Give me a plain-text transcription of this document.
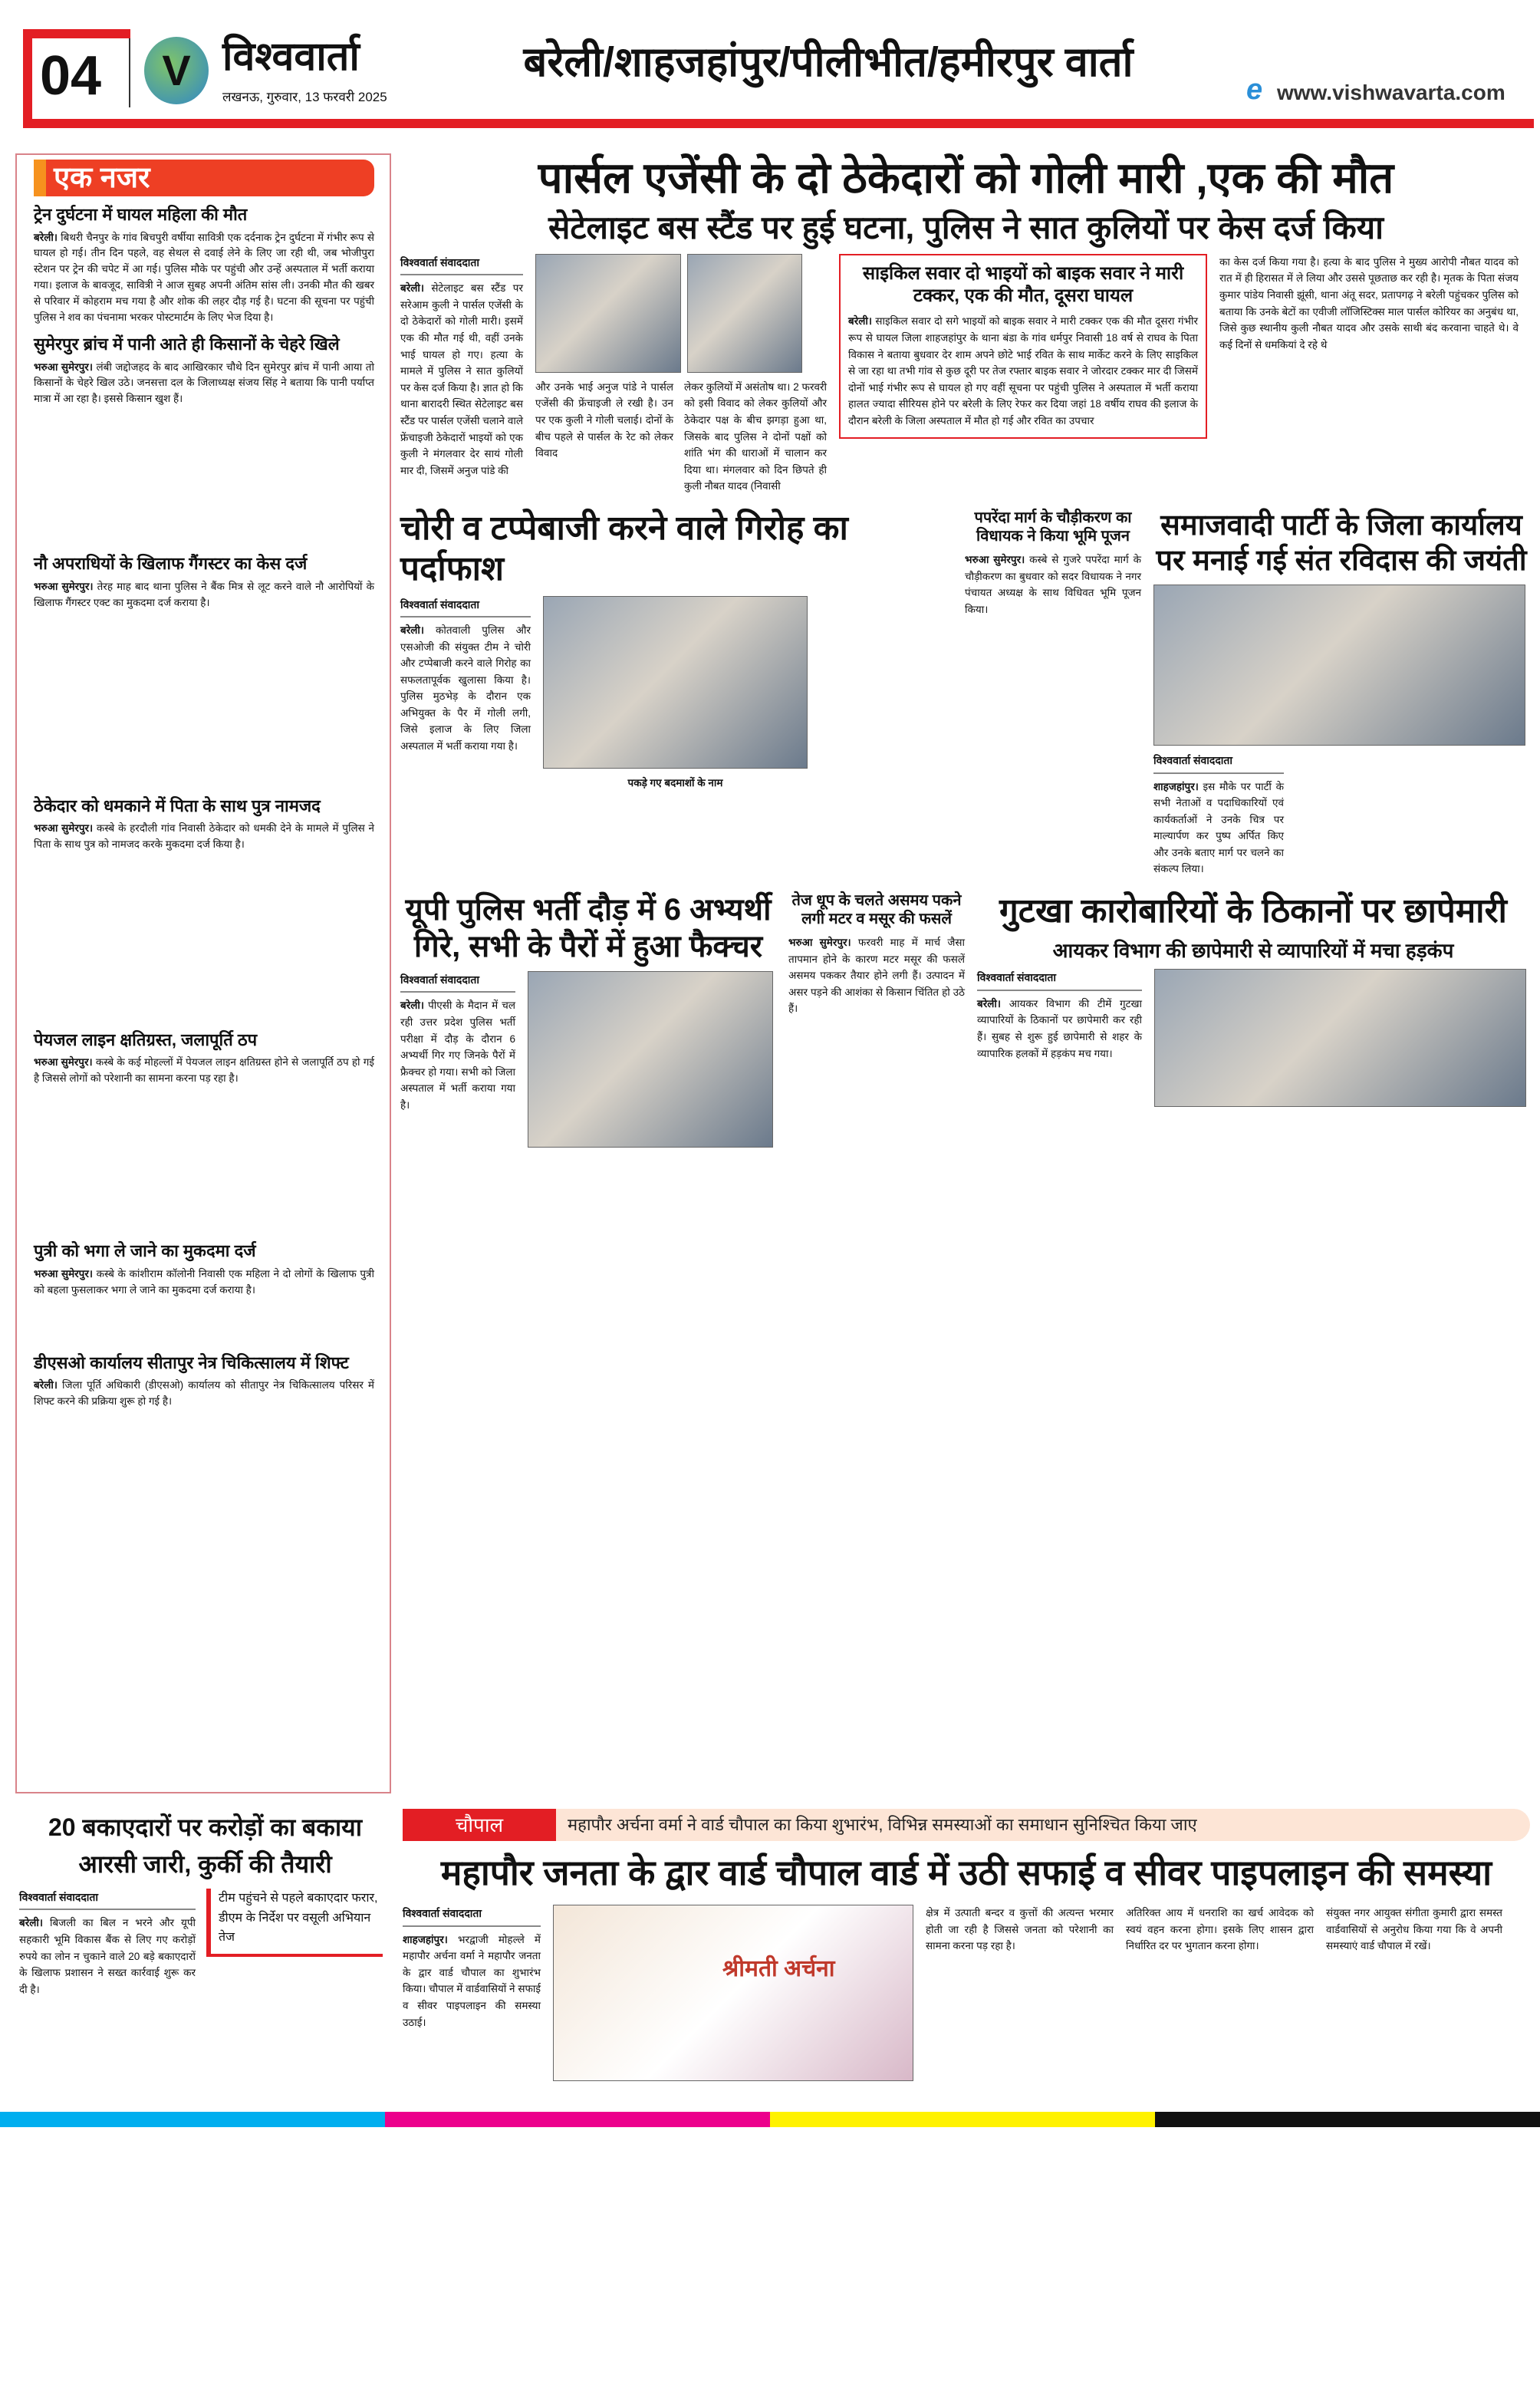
04	V विश्ववार्ता
लखनऊ, गुरुवार, 13 फरवरी 2025
बरेली/शाहजहांपुर/पीलीभीत/हमीरपुर वार्ता
e www.vishwavarta.com
एक नजर
ट्रेन दुर्घटना में घायल महिला की मौत

बरेली। बिथरी चैनपुर के गांव बिचपुरी वर्षीया सावित्री एक दर्दनाक ट्रेन दुर्घटना में गंभीर रूप से घायल हो गई। तीन दिन पहले, वह सेथल से दवाई लेने के लिए जा रही थी, जब भोजीपुरा स्टेशन पर ट्रेन की चपेट में आ गई। पुलिस मौके पर पहुंची और उन्हें अस्पताल में भर्ती कराया गया। इलाज के बावजूद, सावित्री ने आज सुबह अपनी अंतिम सांस ली। उनकी मौत की खबर से परिवार में कोहराम मच गया है और शोक की लहर दौड़ गई है। घटना की सूचना पर पहुंची पुलिस ने शव का पंचनामा भरकर पोस्टमार्टम के लिए भेज दिया है।

सुमेरपुर ब्रांच में पानी आते ही किसानों के चेहरे खिले

भरुआ सुमेरपुर। लंबी जद्दोजहद के बाद आखिरकार चौथे दिन सुमेरपुर ब्रांच में पानी आया तो किसानों के चेहरे खिल उठे। जनसत्ता दल के जिलाध्यक्ष संजय सिंह ने बताया कि पानी पर्याप्त मात्रा में आ रहा है। इससे किसान खुश हैं।

नौ अपराधियों के खिलाफ गैंगस्टर का केस दर्ज

भरुआ सुमेरपुर। तेरह माह बाद थाना पुलिस ने बैंक मित्र से लूट करने वाले नौ आरोपियों के खिलाफ गैंगस्टर एक्ट का मुकदमा दर्ज कराया है।

ठेकेदार को धमकाने में पिता के साथ पुत्र नामजद

भरुआ सुमेरपुर। कस्बे के हरदौली गांव निवासी ठेकेदार को धमकी देने के मामले में पुलिस ने पिता के साथ पुत्र को नामजद करके मुकदमा दर्ज किया है।

पेयजल लाइन क्षतिग्रस्त, जलापूर्ति ठप

भरुआ सुमेरपुर। कस्बे के कई मोहल्लों में पेयजल लाइन क्षतिग्रस्त होने से जलापूर्ति ठप हो गई है जिससे लोगों को परेशानी का सामना करना पड़ रहा है।

पुत्री को भगा ले जाने का मुकदमा दर्ज

भरुआ सुमेरपुर। कस्बे के कांशीराम कॉलोनी निवासी एक महिला ने दो लोगों के खिलाफ पुत्री को बहला फुसलाकर भगा ले जाने का मुकदमा दर्ज कराया है।

डीएसओ कार्यालय सीतापुर नेत्र चिकित्सालय में शिफ्ट

बरेली। जिला पूर्ति अधिकारी (डीएसओ) कार्यालय को सीतापुर नेत्र चिकित्सालय परिसर में शिफ्ट करने की प्रक्रिया शुरू हो गई है।

पार्सल एजेंसी के दो ठेकेदारों को गोली मारी ,एक की मौत
सेटेलाइट बस स्टैंड पर हुई घटना, पुलिस ने सात कुलियों पर केस दर्ज किया
विश्ववार्ता संवाददाता
बरेली। सेटेलाइट बस स्टैंड पर सरेआम कुली ने पार्सल एजेंसी के दो ठेकेदारों को गोली मारी। इसमें एक की मौत गई थी, वहीं उनके भाई घायल हो गए। हत्या के मामले में पुलिस ने सात कुलियों पर केस दर्ज किया है। ज्ञात हो कि थाना बारादरी स्थित सेटेलाइट बस स्टैंड पर पार्सल एजेंसी चलाने वाले फ्रेंचाइजी ठेकेदारों भाइयों को एक कुली ने मंगलवार देर सायं गोली मार दी, जिसमें अनुज पांडे की
और उनके भाई अनुज पांडे ने पार्सल एजेंसी की फ्रेंचाइजी ले रखी है। उन पर एक कुली ने गोली चलाई। दोनों के बीच पहले से पार्सल के रेट को लेकर विवाद
लेकर कुलियों में असंतोष था। 2 फरवरी को इसी विवाद को लेकर कुलियों और ठेकेदार पक्ष के बीच झगड़ा हुआ था, जिसके बाद पुलिस ने दोनों पक्षों को शांति भंग की धाराओं में चालान कर दिया था। मंगलवार को दिन छिपते ही कुली नौबत यादव (निवासी
साइकिल सवार दो भाइयों को बाइक सवार ने मारी टक्कर, एक की मौत, दूसरा घायल
बरेली। साइकिल सवार दो सगे भाइयों को बाइक सवार ने मारी टक्कर एक की मौत दूसरा गंभीर रूप से घायल जिला शाहजहांपुर के थाना बंडा के गांव धर्मपुर निवासी 18 वर्ष से राघव के पिता विकास ने बताया बुधवार देर शाम अपने छोटे भाई रवित के साथ मार्केट करने के लिए साइकिल से जा रहा था तभी गांव से कुछ दूरी पर तेज रफ्तार बाइक सवार ने जोरदार टक्कर मार दी जिसमें दोनों भाई गंभीर रूप से घायल हो गए वहीं सूचना पर पहुंची पुलिस ने अस्पताल में भर्ती कराया हालत ज्यादा सीरियस होने पर बरेली के लिए रेफर कर दिया जहां 18 वर्षीय राघव की इलाज के दौरान बरेली के जिला अस्पताल में मौत हो गई और रवित का उपचार
का केस दर्ज किया गया है। हत्या के बाद पुलिस ने मुख्य आरोपी नौबत यादव को रात में ही हिरासत में ले लिया और उससे पूछताछ कर रही है। मृतक के पिता संजय कुमार पांडेय निवासी झूंसी, थाना अंतू सदर, प्रतापगढ़ ने बरेली पहुंचकर पुलिस को बताया कि उनके बेटों का एवीजी लॉजिस्टिक्स माल पार्सल कोरियर का अनुबंध था, जिसे कुछ स्थानीय कुली नौबत यादव और उसके साथी बंद करवाना चाहते थे। वे कई दिनों से धमकियां दे रहे थे
चोरी व टप्पेबाजी करने वाले गिरोह का पर्दाफाश
विश्ववार्ता संवाददाता
बरेली। कोतवाली पुलिस और एसओजी की संयुक्त टीम ने चोरी और टप्पेबाजी करने वाले गिरोह का सफलतापूर्वक खुलासा किया है। पुलिस मुठभेड़ के दौरान एक अभियुक्त के पैर में गोली लगी, जिसे इलाज के लिए जिला अस्पताल में भर्ती कराया गया है।
पकड़े गए बदमाशों के नाम
पपरेंदा मार्ग के चौड़ीकरण का विधायक ने किया भूमि पूजन
भरुआ सुमेरपुर। कस्बे से गुजरे पपरेंदा मार्ग के चौड़ीकरण का बुधवार को सदर विधायक ने नगर पंचायत अध्यक्ष के साथ विधिवत भूमि पूजन किया।
समाजवादी पार्टी के जिला कार्यालय पर मनाई गई संत रविदास की जयंती
विश्ववार्ता संवाददाता
शाहजहांपुर। इस मौके पर पार्टी के सभी नेताओं व पदाधिकारियों एवं कार्यकर्ताओं ने उनके चित्र पर माल्यार्पण कर पुष्प अर्पित किए और उनके बताए मार्ग पर चलने का संकल्प लिया।
यूपी पुलिस भर्ती दौड़ में 6 अभ्यर्थी गिरे, सभी के पैरों में हुआ फैक्चर
विश्ववार्ता संवाददाता
बरेली। पीएसी के मैदान में चल रही उत्तर प्रदेश पुलिस भर्ती परीक्षा में दौड़ के दौरान 6 अभ्यर्थी गिर गए जिनके पैरों में फ्रैक्चर हो गया। सभी को जिला अस्पताल में भर्ती कराया गया है।
तेज धूप के चलते असमय पकने लगी मटर व मसूर की फसलें
भरुआ सुमेरपुर। फरवरी माह में मार्च जैसा तापमान होने के कारण मटर मसूर की फसलें असमय पककर तैयार होने लगी हैं। उत्पादन में असर पड़ने की आशंका से किसान चिंतित हो उठे हैं।
गुटखा कारोबारियों के ठिकानों पर छापेमारी
आयकर विभाग की छापेमारी से व्यापारियों में मचा हड़कंप
विश्ववार्ता संवाददाता
बरेली। आयकर विभाग की टीमें गुटखा व्यापारियों के ठिकानों पर छापेमारी कर रही हैं। सुबह से शुरू हुई छापेमारी से शहर के व्यापारिक हलकों में हड़कंप मच गया।
20 बकाएदारों पर करोड़ों का बकाया आरसी जारी, कुर्की की तैयारी
विश्ववार्ता संवाददाता
बरेली। बिजली का बिल न भरने और यूपी सहकारी भूमि विकास बैंक से लिए गए करोड़ों रुपये का लोन न चुकाने वाले 20 बड़े बकाएदारों के खिलाफ प्रशासन ने सख्त कार्रवाई शुरू कर दी है।
टीम पहुंचने से पहले बकाएदार फरार, डीएम के निर्देश पर वसूली अभियान तेज
चौपाल	महापौर अर्चना वर्मा ने वार्ड चौपाल का किया शुभारंभ, विभिन्न समस्याओं का समाधान सुनिश्चित किया जाए
महापौर जनता के द्वार वार्ड चौपाल वार्ड में उठी सफाई व सीवर पाइपलाइन की समस्या
विश्ववार्ता संवाददाता
शाहजहांपुर। भरद्वाजी मोहल्ले में महापौर अर्चना वर्मा ने महापौर जनता के द्वार वार्ड चौपाल का शुभारंभ किया। चौपाल में वार्डवासियों ने सफाई व सीवर पाइपलाइन की समस्या उठाई।
श्रीमती अर्चना
क्षेत्र में उत्पाती बन्दर व कुत्तों की अत्यन्त भरमार होती जा रही है जिससे जनता को परेशानी का सामना करना पड़ रहा है।
अतिरिक्त आय में धनराशि का खर्च आवेदक को स्वयं वहन करना होगा। इसके लिए शासन द्वारा निर्धारित दर पर भुगतान करना होगा।
संयुक्त नगर आयुक्त संगीता कुमारी द्वारा समस्त वार्डवासियों से अनुरोध किया गया कि वे अपनी समस्याएं वार्ड चौपाल में रखें।
